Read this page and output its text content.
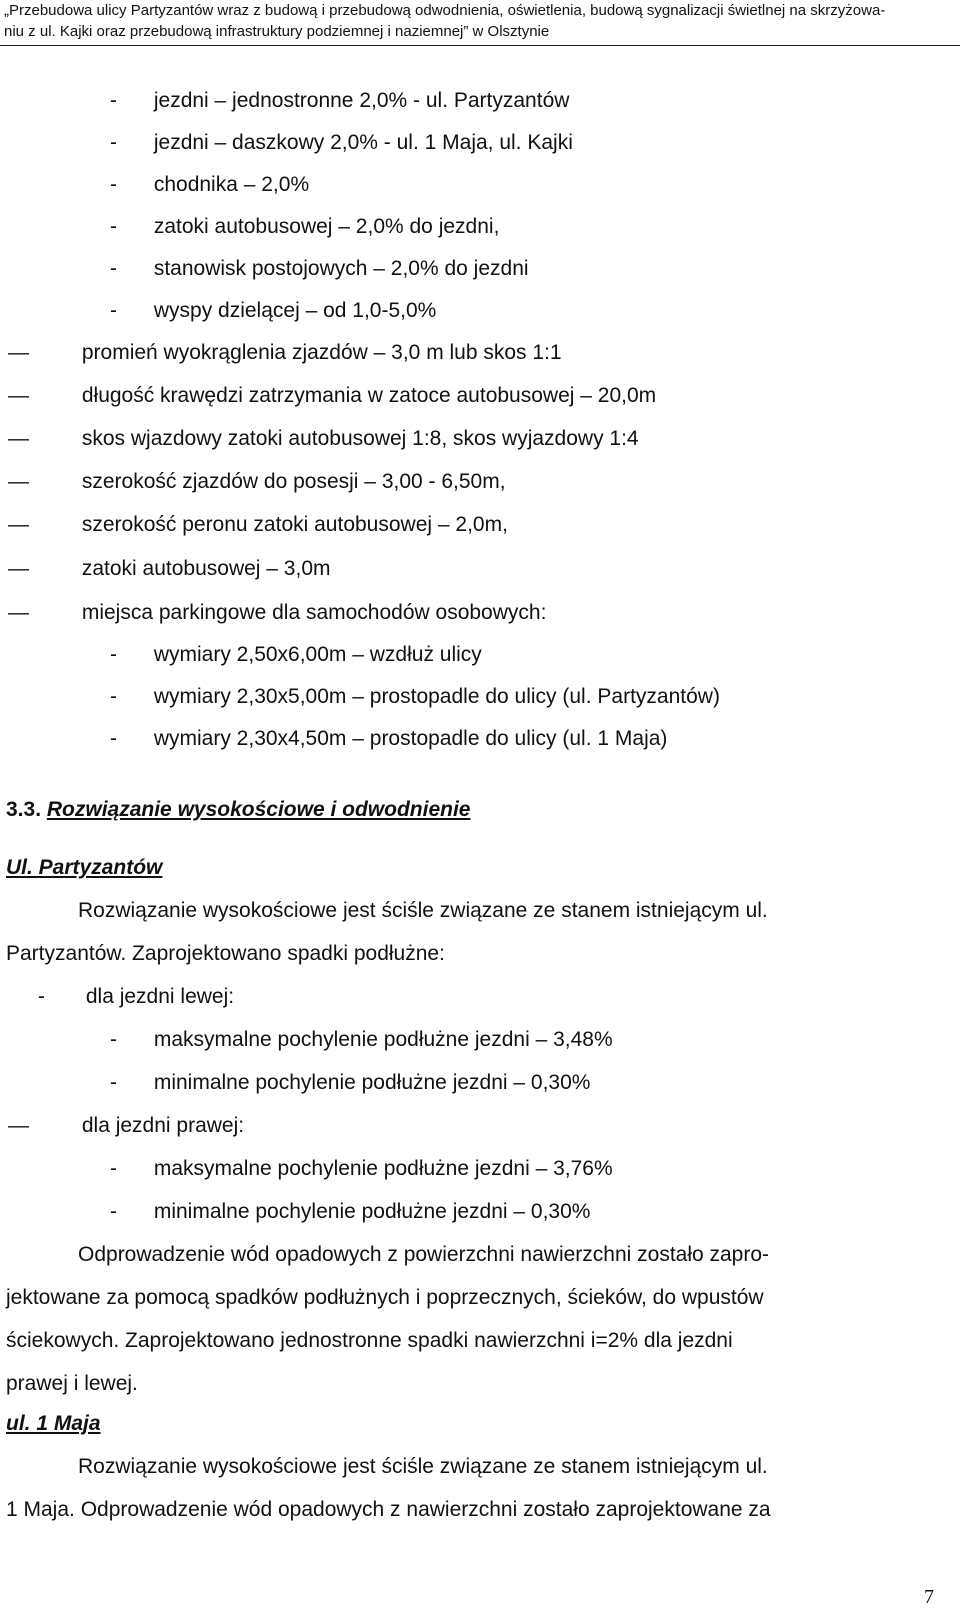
„Przebudowa ulicy Partyzantów wraz z budową i przebudową odwodnienia, oświetlenia, budową sygnalizacji świetlnej na skrzyżowa-
niu z ul. Kajki oraz przebudową infrastruktury podziemnej i naziemnej” w Olsztynie
- jezdni – jednostronne 2,0% - ul. Partyzantów
- jezdni – daszkowy 2,0% - ul. 1 Maja, ul. Kajki
- chodnika – 2,0%
- zatoki autobusowej – 2,0% do jezdni,
- stanowisk postojowych – 2,0% do jezdni
- wyspy dzielącej – od 1,0-5,0%
—	promień wyokrąglenia zjazdów – 3,0 m lub skos 1:1
—	długość krawędzi zatrzymania w zatoce autobusowej – 20,0m
—	skos wjazdowy zatoki autobusowej 1:8, skos wyjazdowy 1:4
—	szerokość zjazdów do posesji – 3,00 - 6,50m,
—	szerokość peronu zatoki autobusowej – 2,0m,
—	zatoki autobusowej – 3,0m
—	miejsca parkingowe dla samochodów osobowych:
- wymiary 2,50x6,00m – wzdłuż ulicy
- wymiary 2,30x5,00m – prostopadle do ulicy (ul. Partyzantów)
- wymiary 2,30x4,50m – prostopadle do ulicy (ul. 1 Maja)
3.3. Rozwiązanie wysokościowe i odwodnienie
Ul. Partyzantów
Rozwiązanie wysokościowe jest ściśle związane ze stanem istniejącym ul.
Partyzantów. Zaprojektowano spadki podłużne:
- dla jezdni lewej:
- maksymalne pochylenie podłużne jezdni – 3,48%
- minimalne pochylenie podłużne jezdni – 0,30%
—	dla jezdni prawej:
- maksymalne pochylenie podłużne jezdni – 3,76%
- minimalne pochylenie podłużne jezdni – 0,30%
Odprowadzenie wód opadowych z powierzchni nawierzchni zostało zapro-
jektowane za pomocą spadków podłużnych i poprzecznych, ścieków, do wpustów
ściekowych. Zaprojektowano jednostronne spadki nawierzchni i=2% dla jezdni
prawej i lewej.
ul. 1 Maja
Rozwiązanie wysokościowe jest ściśle związane ze stanem istniejącym ul.
1 Maja. Odprowadzenie wód opadowych z nawierzchni zostało zaprojektowane za
7
